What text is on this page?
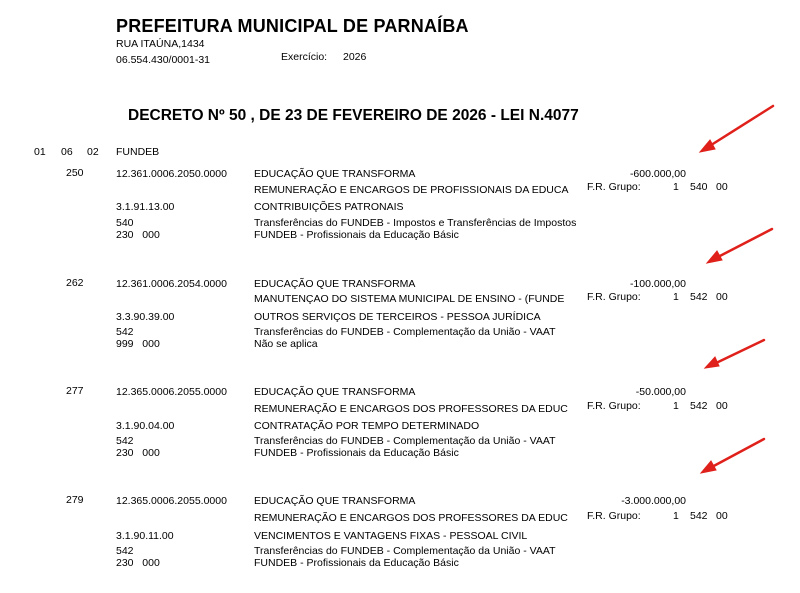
PREFEITURA MUNICIPAL DE PARNAÍBA
RUA ITAÚNA,1434
06.554.430/0001-31	Exercício: 2026
DECRETO Nº 50 , DE 23 DE FEVEREIRO DE 2026 - LEI N.4077
01 06 02 FUNDEB
250	12.361.0006.2050.0000	EDUCAÇÃO QUE TRANSFORMA	-600.000,00
REMUNERAÇÃO E ENCARGOS DE PROFISSIONAIS DA EDUCA	F.R. Grupo:	1 540 00
3.1.91.13.00	CONTRIBUIÇÕES PATRONAIS
540	Transferências do FUNDEB - Impostos e Transferências de Impostos
230   000	FUNDEB - Profissionais da Educação Básic
262	12.361.0006.2054.0000	EDUCAÇÃO QUE TRANSFORMA	-100.000,00
MANUTENÇAO DO SISTEMA MUNICIPAL DE ENSINO - (FUNDE	F.R. Grupo:	1 542 00
3.3.90.39.00	OUTROS SERVIÇOS DE TERCEIROS - PESSOA JURÍDICA
542	Transferências do FUNDEB - Complementação da União - VAAT
999   000	Não se aplica
277	12.365.0006.2055.0000	EDUCAÇÃO QUE TRANSFORMA	-50.000,00
REMUNERAÇÃO E ENCARGOS DOS PROFESSORES DA EDUC	F.R. Grupo:	1 542 00
3.1.90.04.00	CONTRATAÇÃO POR TEMPO DETERMINADO
542	Transferências do FUNDEB - Complementação da União - VAAT
230   000	FUNDEB - Profissionais da Educação Básic
279	12.365.0006.2055.0000	EDUCAÇÃO QUE TRANSFORMA	-3.000.000,00
REMUNERAÇÃO E ENCARGOS DOS PROFESSORES DA EDUC	F.R. Grupo:	1 542 00
3.1.90.11.00	VENCIMENTOS E VANTAGENS FIXAS - PESSOAL CIVIL
542	Transferências do FUNDEB - Complementação da União - VAAT
230   000	FUNDEB - Profissionais da Educação Básic
